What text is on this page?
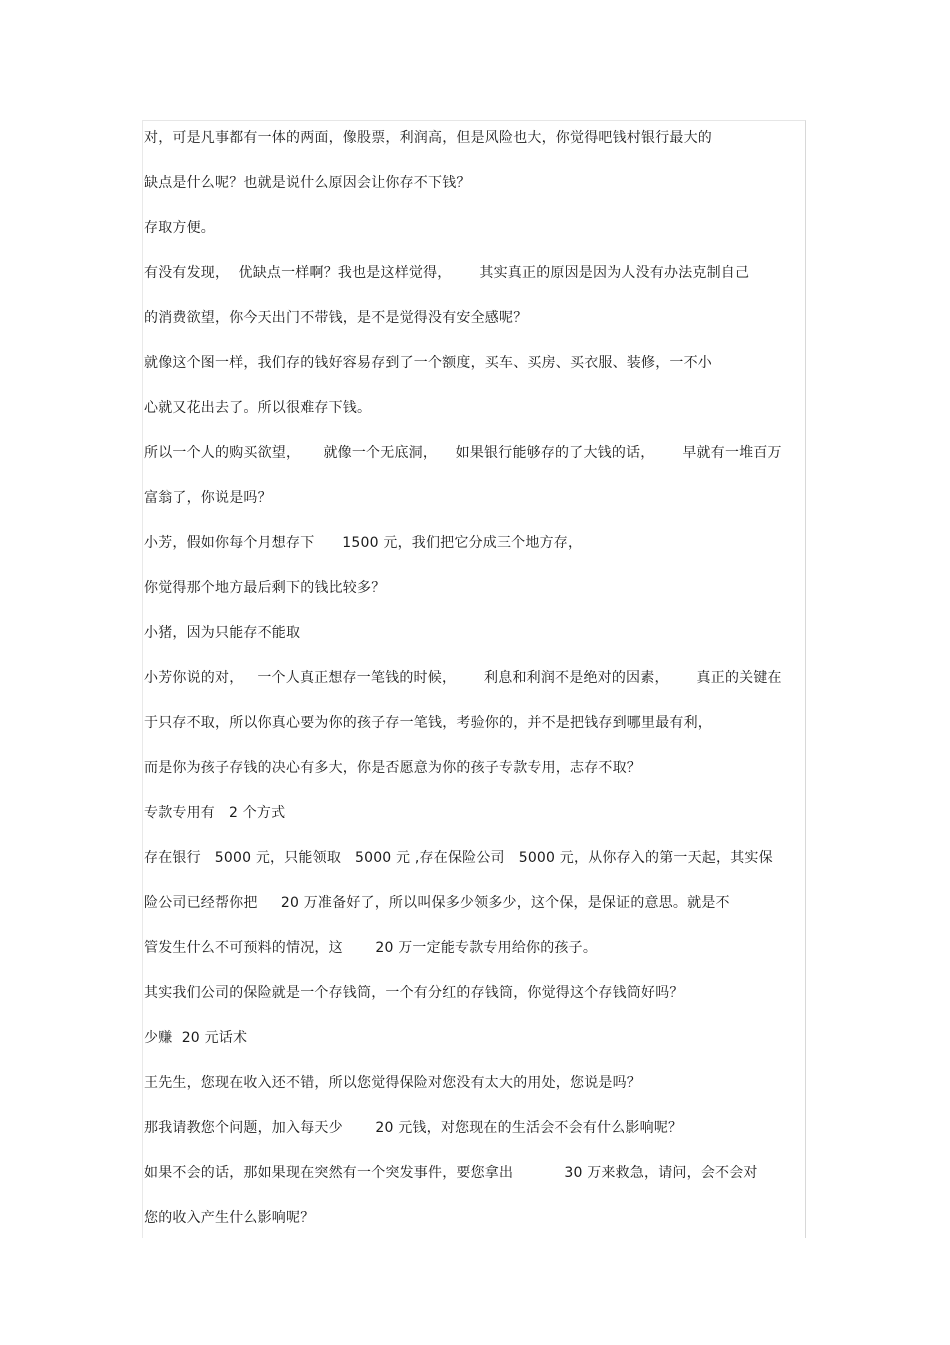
对，可是凡事都有一体的两面，像股票，利润高，但是风险也大，你觉得吧钱村银行最大的
缺点是什么呢？也就是说什么原因会让你存不下钱？
存取方便。
有没有发现，  优缺点一样啊？我也是这样觉得，      其实真正的原因是因为人没有办法克制自己
的消费欲望，你今天出门不带钱，是不是觉得没有安全感呢？
就像这个图一样，我们存的钱好容易存到了一个额度，买车、买房、买衣服、装修，一不小
心就又花出去了。所以很难存下钱。
所以一个人的购买欲望，     就像一个无底洞，    如果银行能够存的了大钱的话，      早就有一堆百万
富翁了，你说是吗？
小芳，假如你每个月想存下      1500 元，我们把它分成三个地方存，
你觉得那个地方最后剩下的钱比较多？
小猪，因为只能存不能取
小芳你说的对，   一个人真正想存一笔钱的时候，      利息和利润不是绝对的因素，      真正的关键在
于只存不取，所以你真心要为你的孩子存一笔钱，考验你的，并不是把钱存到哪里最有利，
而是你为孩子存钱的决心有多大，你是否愿意为你的孩子专款专用，志存不取？
专款专用有   2 个方式
存在银行   5000 元，只能领取   5000 元 ,存在保险公司   5000 元，从你存入的第一天起，其实保
险公司已经帮你把     20 万准备好了，所以叫保多少领多少，这个保，是保证的意思。就是不
管发生什么不可预料的情况，这       20 万一定能专款专用给你的孩子。
其实我们公司的保险就是一个存钱筒，一个有分红的存钱筒，你觉得这个存钱筒好吗？
少赚  20 元话术
王先生，您现在收入还不错，所以您觉得保险对您没有太大的用处，您说是吗？
那我请教您个问题，加入每天少       20 元钱，对您现在的生活会不会有什么影响呢？
如果不会的话，那如果现在突然有一个突发事件，要您拿出           30 万来救急，请问，会不会对
您的收入产生什么影响呢？
